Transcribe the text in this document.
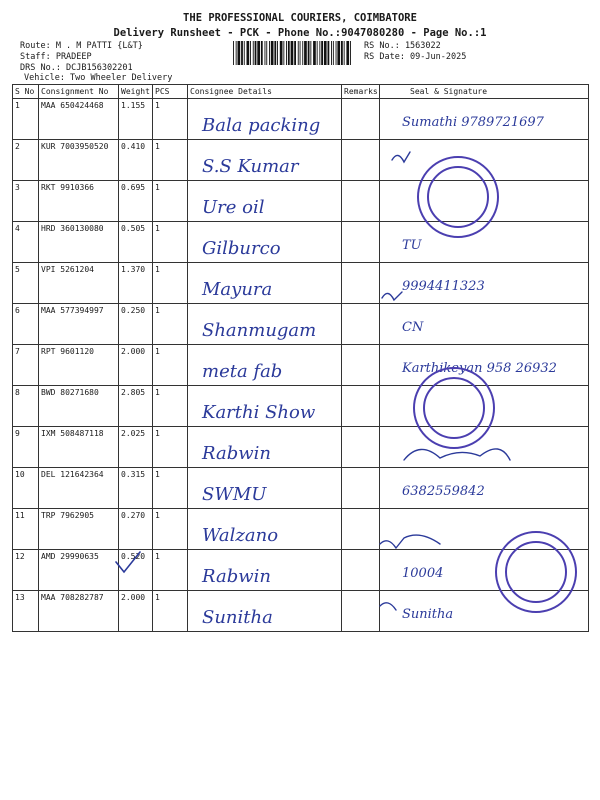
THE PROFESSIONAL COURIERS, COIMBATORE
Delivery Runsheet - PCK - Phone No.:9047080280 - Page No.:1
Route: M . M PATTI {L&T}
Staff: PRADEEP
DRS No.: DCJB156302201
Vehicle: Two Wheeler Delivery
RS No.: 1563022
RS Date: 09-Jun-2025
S No	Consignment No	Weight	PCS	Consignee Details	Remarks	Seal & Signature
1	MAA 650424468	1.155	1	Bala packing		Sumathi 9789721697

2	KUR 7003950520	0.410	1	S.S Kumar		

3	RKT 9910366	0.695	1	Ure oil		

4	HRD 360130080	0.505	1	Gilburco		TU

5	VPI 5261204	1.370	1	Mayura		9994411323

6	MAA 577394997	0.250	1	Shanmugam		CN

7	RPT 9601120	2.000	1	meta fab		Karthikeyan 958 26932

8	BWD 80271680	2.805	1	Karthi Show		

9	IXM 508487118	2.025	1	Rabwin		

10	DEL 121642364	0.315	1	SWMU		6382559842

11	TRP 7962905	0.270	1	Walzano		

12	AMD 29990635	0.520	1	Rabwin		10004

13	MAA 708282787	2.000	1	Sunitha		Sunitha
